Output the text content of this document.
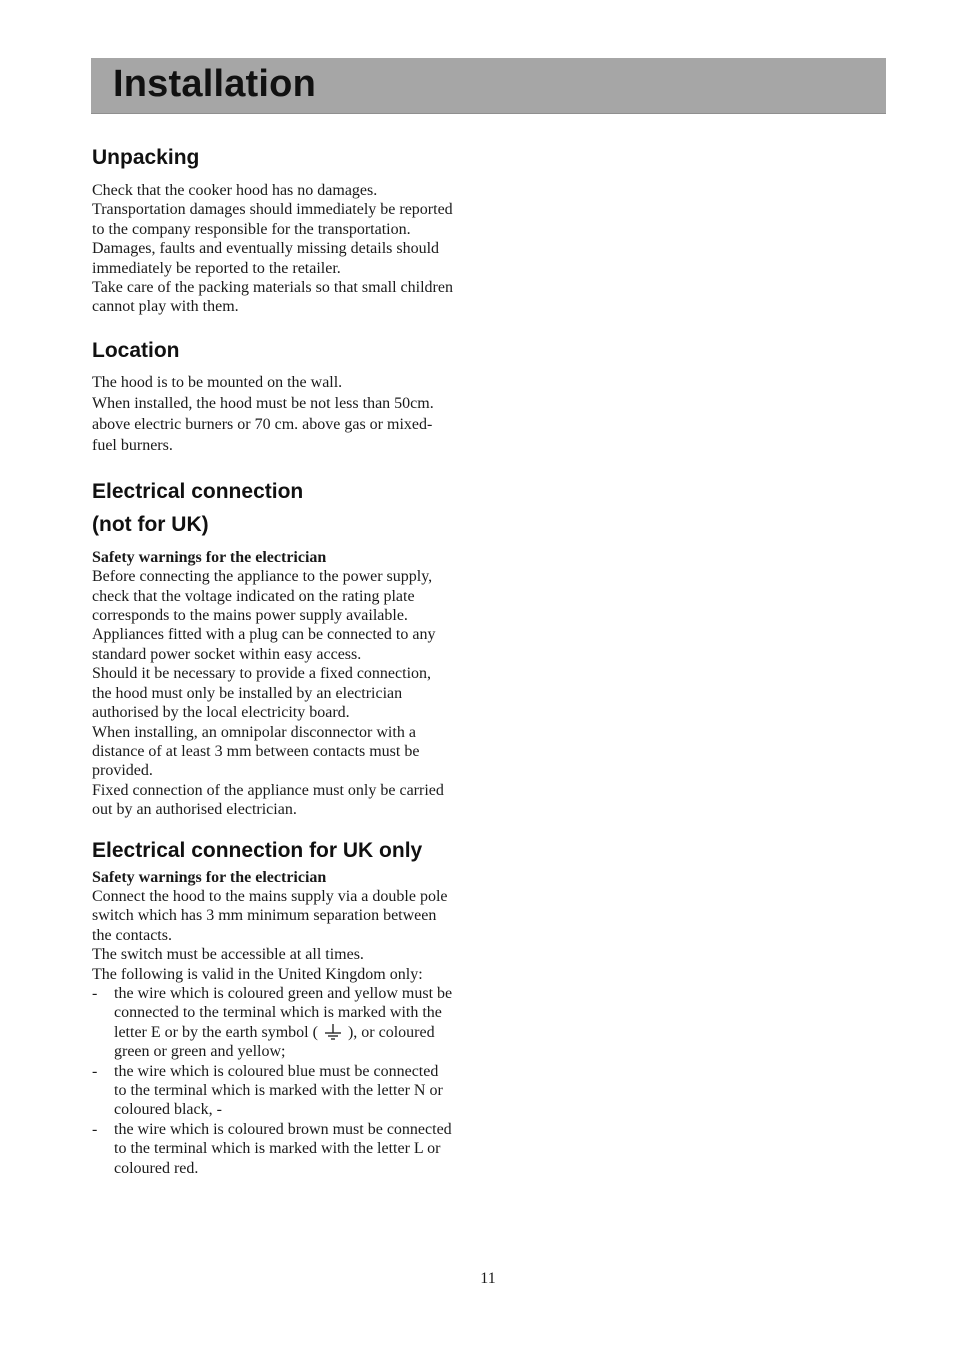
Installation
Unpacking

Check that the cooker hood has no damages. Transportation damages should immediately be reported to the company responsible for the transportation.

Damages, faults and eventually missing details should immediately be reported to the retailer.

Take care of the packing materials so that small children cannot play with them.

Location

The hood is to be mounted on the wall.

When installed, the hood must be not less than 50cm. above electric burners or 70 cm. above gas or mixed-fuel burners.

Electrical connection
(not for UK)
Safety warnings for the electrician

Before connecting the appliance to the power supply, check that the voltage indicated on the rating plate corresponds to the mains power supply available. Appliances fitted with a plug can be connected to any standard power socket within easy access.

Should it be necessary to provide a fixed connection, the hood must only be installed by an electrician authorised by the local electricity board.

When installing, an omnipolar disconnector with a distance of at least 3 mm between contacts must be provided.

Fixed connection of the appliance must only be carried out by an authorised electrician.

Electrical connection for UK only
Safety warnings for the electrician

Connect the hood to the mains supply via a double pole switch which has 3 mm minimum separation between the contacts.

The switch must be accessible at all times.

The following is valid in the United Kingdom only:

- the wire which is coloured green and yellow must be connected to the terminal which is marked with the letter E or by the earth symbol ( ), or coloured green or green and yellow;
- the wire which is coloured blue must be connected to the terminal which is marked with the letter N or coloured black, -
- the wire which is coloured brown must be connected to the terminal which is marked with the letter L or coloured red.
11
